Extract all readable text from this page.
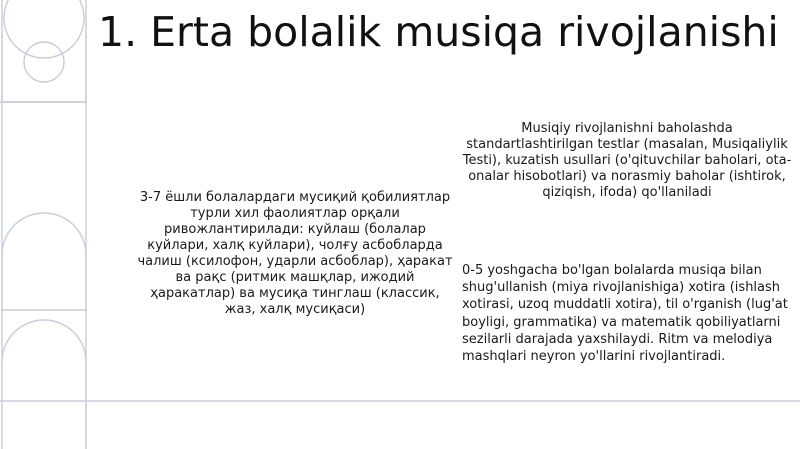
1. Erta bolalik musiqa rivojlanishi

3-7 ёшли болалардаги мусиқий қобилиятлар турли хил фаолиятлар орқали ривожлантирилади: куйлаш (болалар куйлари, халқ куйлари), чолғу асбобларда чалиш (ксилофон, ударли асбоблар), ҳаракат ва рақс (ритмик машқлар, ижодий ҳаракатлар) ва мусиқа тинглаш (классик, жаз, халқ мусиқаси)

Musiqiy rivojlanishni baholashda standartlashtirilgan testlar (masalan, Musiqaliylik Testi), kuzatish usullari (o'qituvchilar baholari, ota-onalar hisobotlari) va norasmiy baholar (ishtirok, qiziqish, ifoda) qo'llaniladi

0-5 yoshgacha bo'lgan bolalarda musiqa bilan shug'ullanish (miya rivojlanishiga) xotira (ishlash xotirasi, uzoq muddatli xotira), til o'rganish (lug'at boyligi, grammatika) va matematik qobiliyatlarni sezilarli darajada yaxshilaydi. Ritm va melodiya mashqlari neyron yo'llarini rivojlantiradi.
